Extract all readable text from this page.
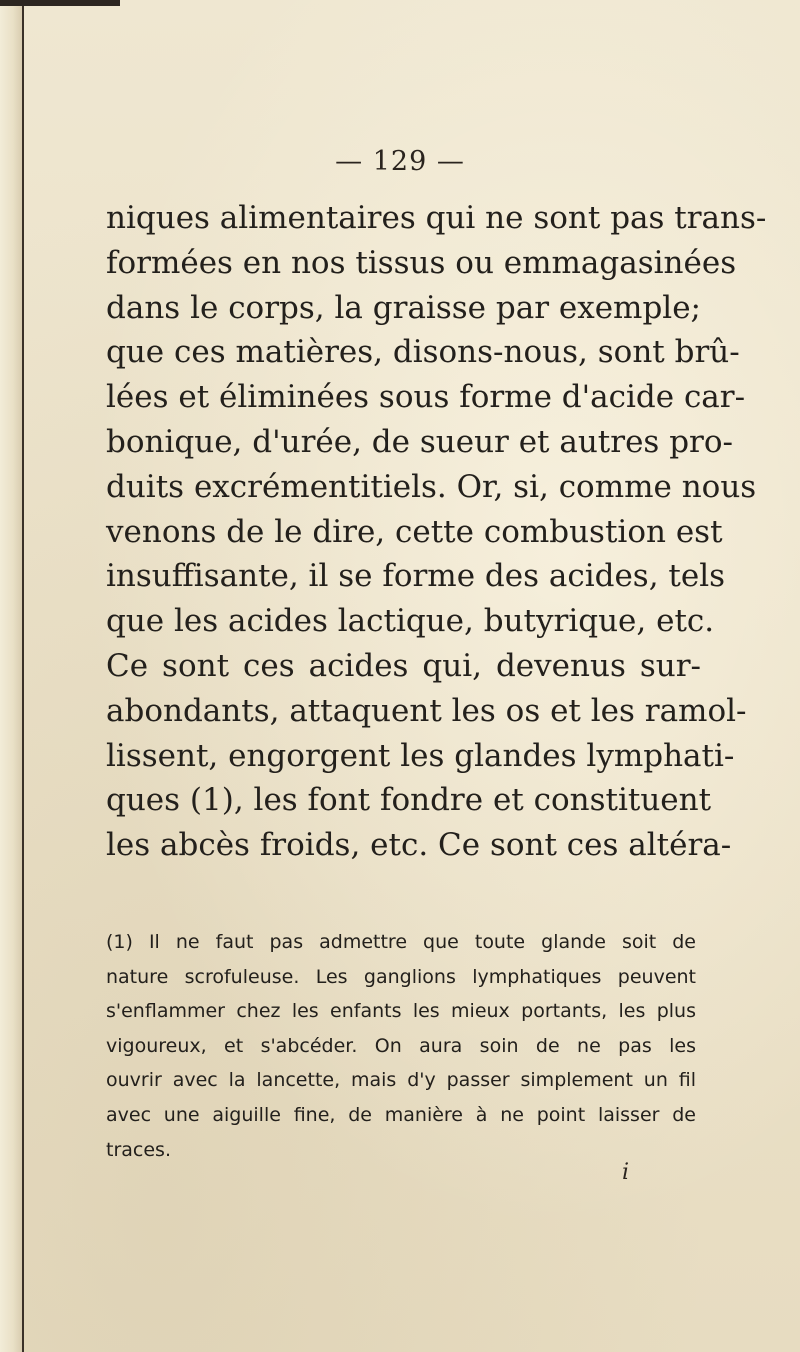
— 129 —
niques alimentaires qui ne sont pas trans-
formées en nos tissus ou emmagasinées
dans le corps, la graisse par exemple;
que ces matières, disons-nous, sont brû-
lées et éliminées sous forme d'acide car-
bonique, d'urée, de sueur et autres pro-
duits excrémentitiels. Or, si, comme nous
venons de le dire, cette combustion est
insuffisante, il se forme des acides, tels
que les acides lactique, butyrique, etc.
Ce sont ces acides qui, devenus sur-
abondants, attaquent les os et les ramol-
lissent, engorgent les glandes lymphati-
ques (1), les font fondre et constituent
les abcès froids, etc. Ce sont ces altéra-
(1) Il ne faut pas admettre que toute glande soit de
nature scrofuleuse. Les ganglions lymphatiques peuvent
s'enflammer chez les enfants les mieux portants, les plus
vigoureux, et s'abcéder. On aura soin de ne pas les
ouvrir avec la lancette, mais d'y passer simplement un fil
avec une aiguille fine, de manière à ne point laisser de
traces.
i
